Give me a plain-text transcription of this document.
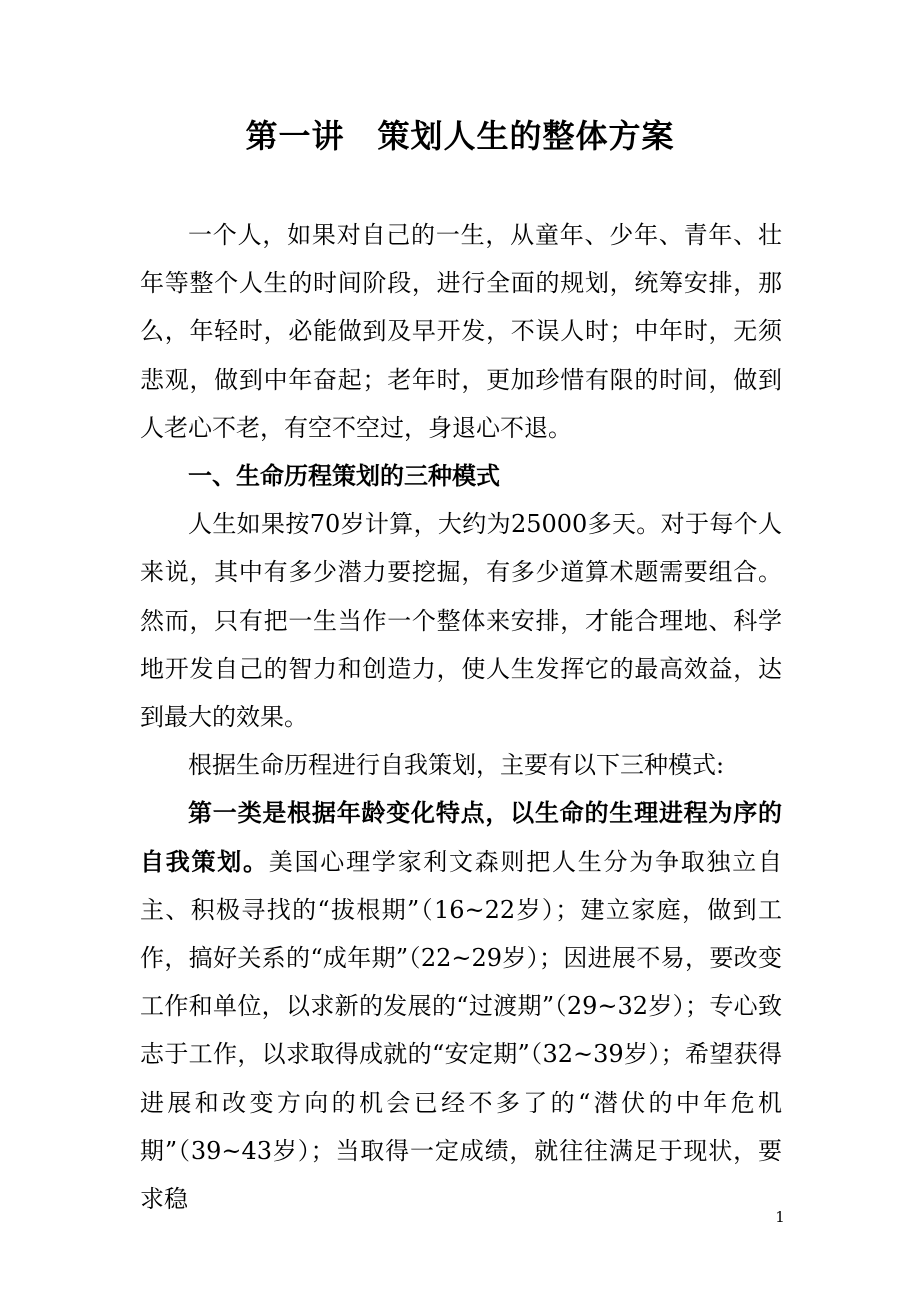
第一讲　策划人生的整体方案

一个人，如果对自己的一生，从童年、少年、青年、壮年等整个人生的时间阶段，进行全面的规划，统筹安排，那么，年轻时，必能做到及早开发，不误人时；中年时，无须悲观，做到中年奋起；老年时，更加珍惜有限的时间，做到人老心不老，有空不空过，身退心不退。

一、生命历程策划的三种模式

人生如果按70岁计算，大约为25000多天。对于每个人来说，其中有多少潜力要挖掘，有多少道算术题需要组合。然而，只有把一生当作一个整体来安排，才能合理地、科学地开发自己的智力和创造力，使人生发挥它的最高效益，达到最大的效果。

根据生命历程进行自我策划，主要有以下三种模式:

第一类是根据年龄变化特点，以生命的生理进程为序的自我策划。美国心理学家利文森则把人生分为争取独立自主、积极寻找的“拔根期”（16~22岁）；建立家庭，做到工作，搞好关系的“成年期”（22~29岁）；因进展不易，要改变工作和单位，以求新的发展的“过渡期”（29~32岁）；专心致志于工作，以求取得成就的“安定期”（32~39岁）；希望获得进展和改变方向的机会已经不多了的“潜伏的中年危机期”（39~43岁）；当取得一定成绩，就往往满足于现状，要求稳

1
